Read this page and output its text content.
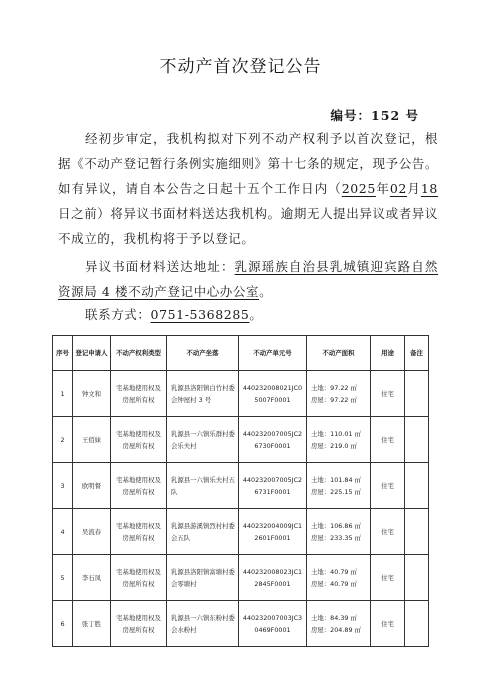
不动产首次登记公告
编号：152 号
经初步审定，我机构拟对下列不动产权利予以首次登记，根据《不动产登记暂行条例实施细则》第十七条的规定，现予公告。如有异议，请自本公告之日起十五个工作日内（2025年02月18日之前）将异议书面材料送达我机构。逾期无人提出异议或者异议不成立的，我机构将于予以登记。
异议书面材料送达地址：乳源瑶族自治县乳城镇迎宾路自然资源局 4 楼不动产登记中心办公室。
联系方式：0751-5368285。
序号	登记申请人	不动产权利类型	不动产坐落	不动产单元号	不动产面积	用途	备注
1	钟文和	宅基地使用权及房屋所有权	乳源县洛阳镇白竹村委会钟屋村 3 号	440232008021JC05007F0001	土地：97.22 ㎡
房屋：97.22 ㎡	住宅	
2	王佰妹	宅基地使用权及房屋所有权	乳源县一六镇乐群村委会乐夫村	440232007005JC26730F0001	土地：110.01 ㎡
房屋：219.0 ㎡	住宅	
3	欧明督	宅基地使用权及房屋所有权	乳源县一六镇乐夫村五队	440232007005JC26731F0001	土地：101.84 ㎡
房屋：225.15 ㎡	住宅	
4	吴流春	宅基地使用权及房屋所有权	乳源县游溪镇烈村村委会五队	440232004009JC12601F0001	土地：106.86 ㎡
房屋：233.35 ㎡	住宅	
5	李石凤	宅基地使用权及房屋所有权	乳源县洛阳镇富塘村委会零塘村	440232008023JC12845F0001	土地：40.79 ㎡
房屋：40.79 ㎡	住宅	
6	张丁胜	宅基地使用权及房屋所有权	乳源县一六镇东粉村委会水粉村	440232007003JC30469F0001	土地：84.39 ㎡
房屋：204.89 ㎡	住宅	
